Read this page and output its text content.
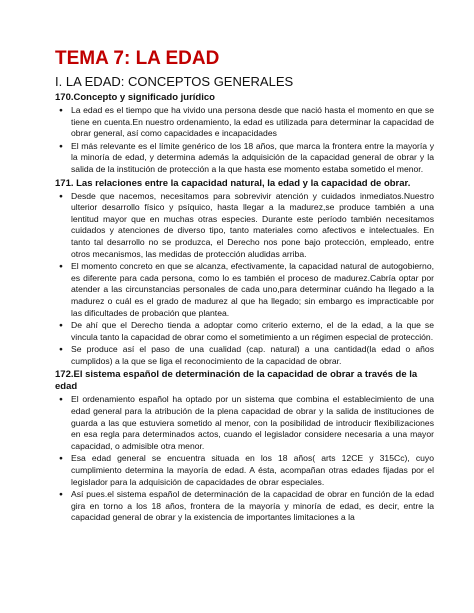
TEMA 7: LA EDAD
I. LA EDAD: CONCEPTOS GENERALES
170.Concepto y significado jurídico
● La edad es el tiempo que ha vivido una persona desde que nació hasta el momento en que se tiene en cuenta.En nuestro ordenamiento, la edad es utilizada para determinar la capacidad de obrar general, así como capacidades e incapacidades
● El más relevante es el límite genérico de los 18 años, que marca la frontera entre la mayoría y la minoría de edad, y determina además la adquisición de la capacidad general de obrar y la salida de la institución de protección a la que hasta ese momento estaba sometido el menor.
171. Las relaciones entre la capacidad natural, la edad y la capacidad de obrar.
● Desde que nacemos, necesitamos para sobrevivir atención y cuidados inmediatos.Nuestro ulterior desarrollo físico y psíquico, hasta llegar a la madurez,se produce también a una lentitud mayor que en muchas otras especies. Durante este período también necesitamos cuidados y atenciones de diverso tipo, tanto materiales como afectivos e intelectuales. En tanto tal desarrollo no se produzca, el Derecho nos pone bajo protección, empleado, entre otros mecanismos, las medidas de protección aludidas arriba.
● El momento concreto en que se alcanza, efectivamente, la capacidad natural de autogobierno, es diferente para cada persona, como lo es también el proceso de madurez.Cabría optar por atender a las circunstancias personales de cada uno,para determinar cuándo ha llegado a la madurez o cuál es el grado de madurez al que ha llegado; sin embargo es impracticable por las dificultades de probación que plantea.
● De ahí que el Derecho tienda a adoptar como criterio externo, el de la edad, a la que se vincula tanto la capacidad de obrar como el sometimiento a un régimen especial de protección.
● Se produce así el paso de una cualidad (cap. natural) a una cantidad(la edad o años cumplidos) a la que se liga el reconocimiento de la capacidad de obrar.
172.El sistema español de determinación de la capacidad de obrar a través de la edad
● El ordenamiento español ha optado por un sistema que combina el establecimiento de una edad general para la atribución de la plena capacidad de obrar y la salida de instituciones de guarda a las que estuviera sometido al menor, con la posibilidad de introducir flexibilizaciones en esa regla para determinados actos, cuando el legislador considere necesaria a una mayor capacidad, o admisible otra menor.
● Esa edad general se encuentra situada en los 18 años( arts 12CE y 315Cc), cuyo cumplimiento determina la mayoría de edad. A ésta, acompañan otras edades fijadas por el legislador para la adquisición de capacidades de obrar especiales.
● Así pues.el sistema español de determinación de la capacidad de obrar en función de la edad gira en torno a los 18 años, frontera de la mayoría y minoría de edad, es decir, entre la capacidad general de obrar y la existencia de importantes limitaciones a la
